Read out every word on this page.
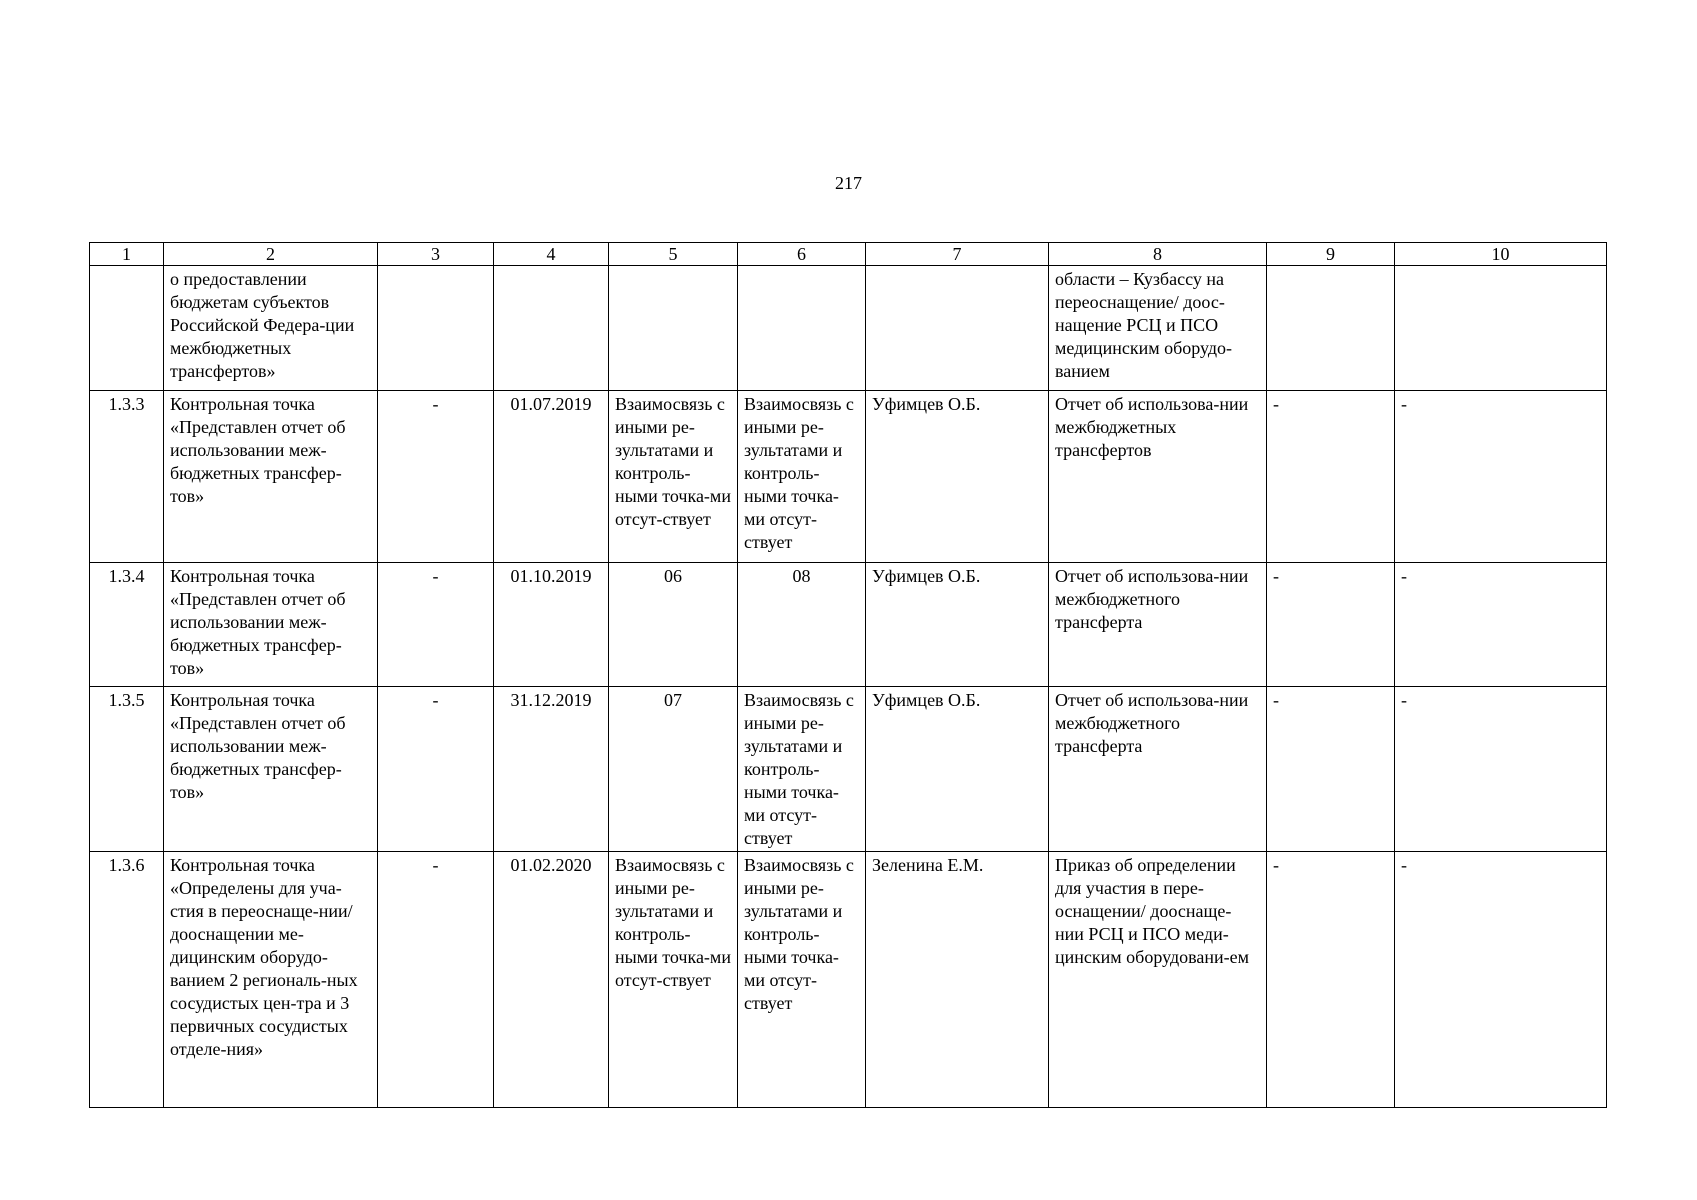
217
1	2	3	4	5	6	7	8	9	10
	о предоставлении бюджетам субъектов Российской Федера-ции межбюджетных трансфертов»						области – Кузбассу на переоснащение/ доос-нащение РСЦ и ПСО медицинским оборудо-ванием		
1.3.3	Контрольная точка «Представлен отчет об использовании меж-бюджетных трансфер-тов»	-	01.07.2019	Взаимосвязь с иными ре-зультатами и контроль-ными точка-ми отсут-ствует	Взаимосвязь с иными ре-зультатами и контроль-ными точка-ми отсут-ствует	Уфимцев О.Б.	Отчет об использова-нии межбюджетных трансфертов	-	-
1.3.4	Контрольная точка «Представлен отчет об использовании меж-бюджетных трансфер-тов»	-	01.10.2019	06	08	Уфимцев О.Б.	Отчет об использова-нии межбюджетного трансферта	-	-
1.3.5	Контрольная точка «Представлен отчет об использовании меж-бюджетных трансфер-тов»	-	31.12.2019	07	Взаимосвязь с иными ре-зультатами и контроль-ными точка-ми отсут-ствует	Уфимцев О.Б.	Отчет об использова-нии межбюджетного трансферта	-	-
1.3.6	Контрольная точка «Определены для уча-стия в переоснаще-нии/дооснащении ме-дицинским оборудо-ванием 2 региональ-ных сосудистых цен-тра и 3 первичных сосудистых отделе-ния»	-	01.02.2020	Взаимосвязь с иными ре-зультатами и контроль-ными точка-ми отсут-ствует	Взаимосвязь с иными ре-зультатами и контроль-ными точка-ми отсут-ствует	Зеленина Е.М.	Приказ об определении для участия в пере-оснащении/ дооснаще-нии РСЦ и ПСО меди-цинским оборудовани-ем	-	-
